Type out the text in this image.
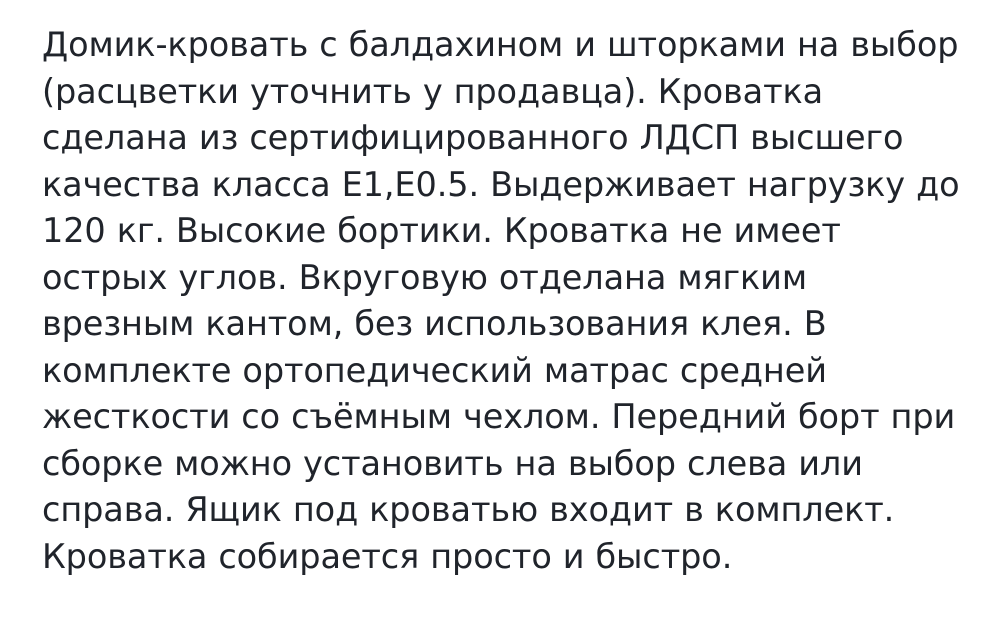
Домик-кровать с балдахином и шторками на выбор (расцветки уточнить у продавца). Кроватка сделана из сертифицированного ЛДСП высшего качества класса Е1,Е0.5. Выдерживает нагрузку до 120 кг. Высокие бортики. Кроватка не имеет острых углов. Вкруговую отделана мягким врезным кантом, без использования клея. В комплекте ортопедический матрас средней жесткости со съёмным чехлом. Передний борт при сборке можно установить на выбор слева или справа. Ящик под кроватью входит в комплект. Кроватка собирается просто и быстро.
